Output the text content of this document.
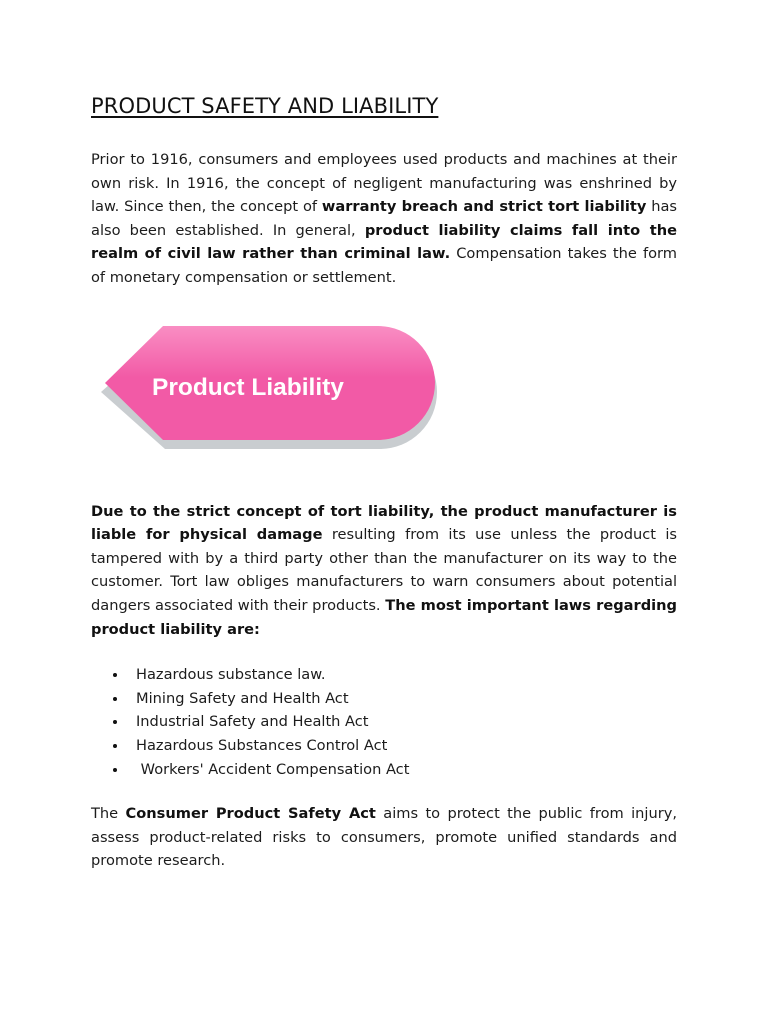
PRODUCT SAFETY AND LIABILITY

Prior to 1916, consumers and employees used products and machines at their own risk. In 1916, the concept of negligent manufacturing was enshrined by law. Since then, the concept of warranty breach and strict tort liability has also been established. In general, product liability claims fall into the realm of civil law rather than criminal law. Compensation takes the form of monetary compensation or settlement.

Product Liability

Due to the strict concept of tort liability, the product manufacturer is liable for physical damage resulting from its use unless the product is tampered with by a third party other than the manufacturer on its way to the customer. Tort law obliges manufacturers to warn consumers about potential dangers associated with their products. The most important laws regarding product liability are:

Hazardous substance law.
Mining Safety and Health Act
Industrial Safety and Health Act
Hazardous Substances Control Act
Workers' Accident Compensation Act

The Consumer Product Safety Act aims to protect the public from injury, assess product-related risks to consumers, promote unified standards and promote research.
